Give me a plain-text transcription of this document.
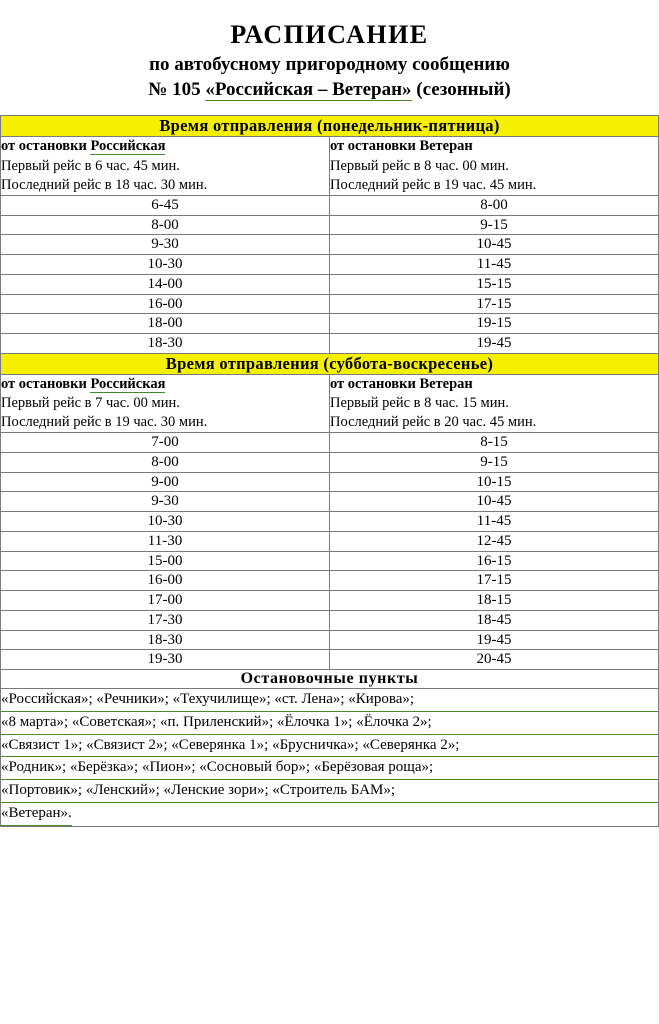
РАСПИСАНИЕ
по автобусному пригородному сообщению
№ 105 «Российская – Ветеран» (сезонный)
Время отправления (понедельник-пятница)	

от остановки Российская
Первый рейс в 6 час. 45 мин.
Последний рейс в 18 час. 30 мин.

от остановки Ветеран
Первый рейс в 8 час. 00 мин.
Последний рейс в 19 час. 45 мин.

6-45	8-00
8-00	9-15
9-30	10-45
10-30	11-45
14-00	15-15
16-00	17-15
18-00	19-15
18-30	19-45
Время отправления (суббота-воскресенье)	

от остановки Российская
Первый рейс в 7 час. 00 мин.
Последний рейс в 19 час. 30 мин.

от остановки Ветеран
Первый рейс в 8 час. 15 мин.
Последний рейс в 20 час. 45 мин.

7-00	8-15
8-00	9-15
9-00	10-15
9-30	10-45
10-30	11-45
11-30	12-45
15-00	16-15
16-00	17-15
17-00	18-15
17-30	18-45
18-30	19-45
19-30	20-45
Остановочные пункты	

«Российская»; «Речники»; «Техучилище»; «ст. Лена»; «Кирова»;
«8 марта»; «Советская»; «п. Приленский»; «Ёлочка 1»; «Ёлочка 2»;
«Связист 1»; «Связист 2»; «Северянка 1»; «Брусничка»; «Северянка 2»;
«Родник»; «Берёзка»; «Пион»; «Сосновый бор»; «Берёзовая роща»;
«Портовик»; «Ленский»; «Ленские зори»; «Строитель БАМ»;
«Ветеран».
